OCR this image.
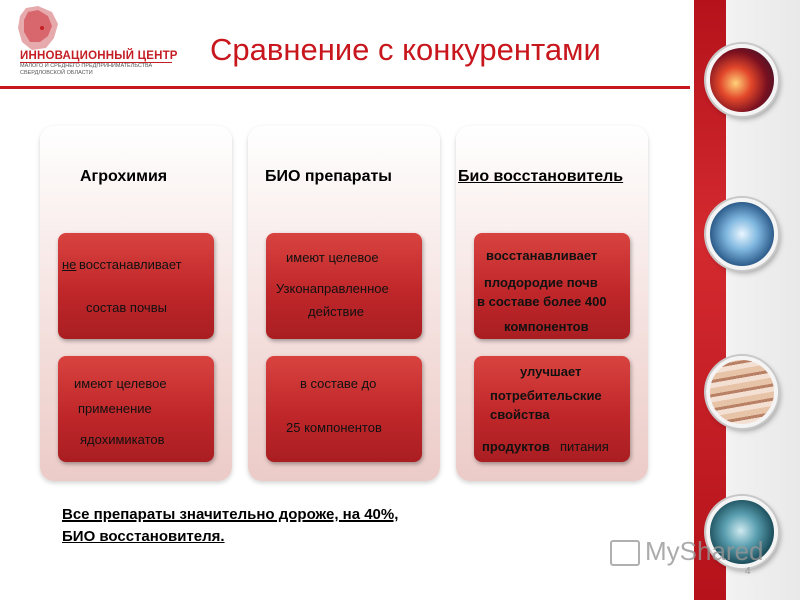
ИННОВАЦИОННЫЙ ЦЕНТР
МАЛОГО И СРЕДНЕГО ПРЕДПРИНИМАТЕЛЬСТВА СВЕРДЛОВСКОЙ ОБЛАСТИ
Сравнение с конкурентами
Агрохимия
не восстанавливает
состав почвы
имеют целевое
применение
ядохимикатов
БИО препараты
имеют целевое
Узконаправленное
действие
в составе до
25 компонентов
Био восстановитель
восстанавливает
плодородие почв
в составе более 400
компонентов
улучшает
потребительские
свойства
продуктов питания
Все препараты значительно дороже, на 40%,
БИО восстановителя.	MyShared
4
